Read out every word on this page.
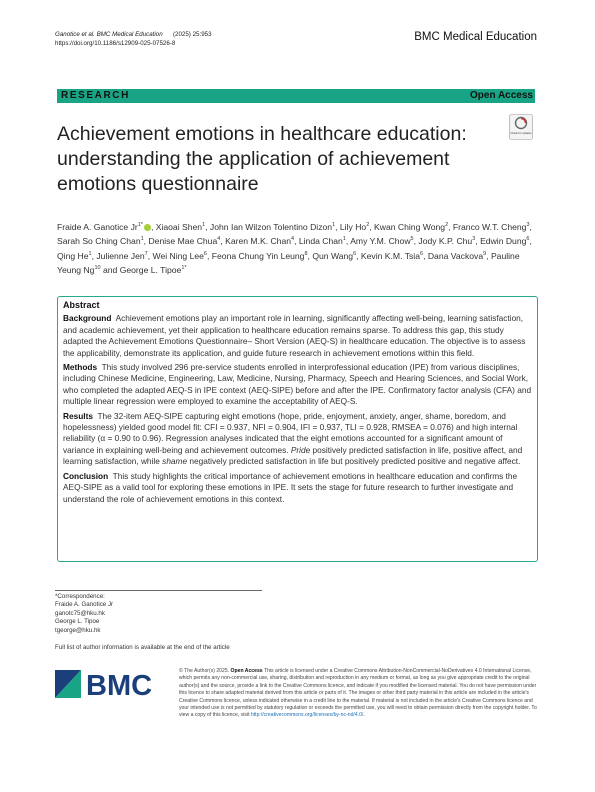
Ganotice et al. BMC Medical Education (2025) 25:953
https://doi.org/10.1186/s12909-025-07526-8
BMC Medical Education
RESEARCH	Open Access
Achievement emotions in healthcare education: understanding the application of achievement emotions questionnaire
Check for updates
Fraide A. Ganotice $Jr^{1*}$ , Xiaoai Shen$^1$, John Ian Wilzon Tolentino Dizon$^1$, Lily Ho$^2$, Kwan Ching Wong$^2$, Franco W.T. Cheng$^3$, Sarah So Ching Chan$^1$, Denise Mae Chua$^4$, Karen M.K. Chan$^4$, Linda Chan$^1$, Amy Y.M. Chow$^5$, Jody K.P. Chu$^3$, Edwin Dung$^6$, Qing He$^1$, Julienne Jen$^7$, Wei Ning Lee$^6$, Feona Chung Yin Leung$^8$, Qun Wang$^6$, Kevin K.M. Tsia$^6$, Dana Vackova$^9$, Pauline Yeung Ng$^{10}$ and George L. Tipoe$^{1*}$
Abstract

Background Achievement emotions play an important role in learning, significantly affecting well-being, learning satisfaction, and academic achievement, yet their application to healthcare education remains sparse. To address this gap, this study adapted the Achievement Emotions Questionnaire– Short Version (AEQ-S) in healthcare education. The objective is to assess the applicability, demonstrate its application, and guide future research in achievement emotions within this field.

Methods This study involved 296 pre-service students enrolled in interprofessional education (IPE) from various disciplines, including Chinese Medicine, Engineering, Law, Medicine, Nursing, Pharmacy, Speech and Hearing Sciences, and Social Work, who completed the adapted AEQ-S in IPE context (AEQ-SIPE) before and after the IPE. Confirmatory factor analysis (CFA) and multiple linear regression were employed to examine the acceptability of AEQ-S.

Results The 32-item AEQ-SIPE capturing eight emotions (hope, pride, enjoyment, anxiety, anger, shame, boredom, and hopelessness) yielded good model fit: CFI = 0.937, NFI = 0.904, IFI = 0.937, TLI = 0.928, RMSEA = 0.076) and high internal reliability (α = 0.90 to 0.96). Regression analyses indicated that the eight emotions accounted for a significant amount of variance in explaining well-being and achievement outcomes. Pride positively predicted satisfaction in life, positive affect, and learning satisfaction, while shame negatively predicted satisfaction in life but positively predicted positive and negative affect.

Conclusion This study highlights the critical importance of achievement emotions in healthcare education and confirms the AEQ-SIPE as a valid tool for exploring these emotions in IPE. It sets the stage for future research to further investigate and understand the role of achievement emotions in this context.

*Correspondence:
Fraide A. Ganotice Jr
ganotc75@hku.hk
George L. Tipoe
tgeorge@hku.hk
Full list of author information is available at the end of the article
BMC	© The Author(s) 2025. Open Access This article is licensed under a Creative Commons Attribution-NonCommercial-NoDerivatives 4.0 International License, which permits any non-commercial use, sharing, distribution and reproduction in any medium or format, as long as you give appropriate credit to the original author(s) and the source, provide a link to the Creative Commons licence, and indicate if you modified the licensed material. You do not have permission under this licence to share adapted material derived from this article or parts of it. The images or other third party material in this article are included in the article's Creative Commons licence, unless indicated otherwise in a credit line to the material. If material is not included in the article's Creative Commons licence and your intended use is not permitted by statutory regulation or exceeds the permitted use, you will need to obtain permission directly from the copyright holder. To view a copy of this licence, visit http://creativecommons.org/licenses/by-nc-nd/4.0/.
